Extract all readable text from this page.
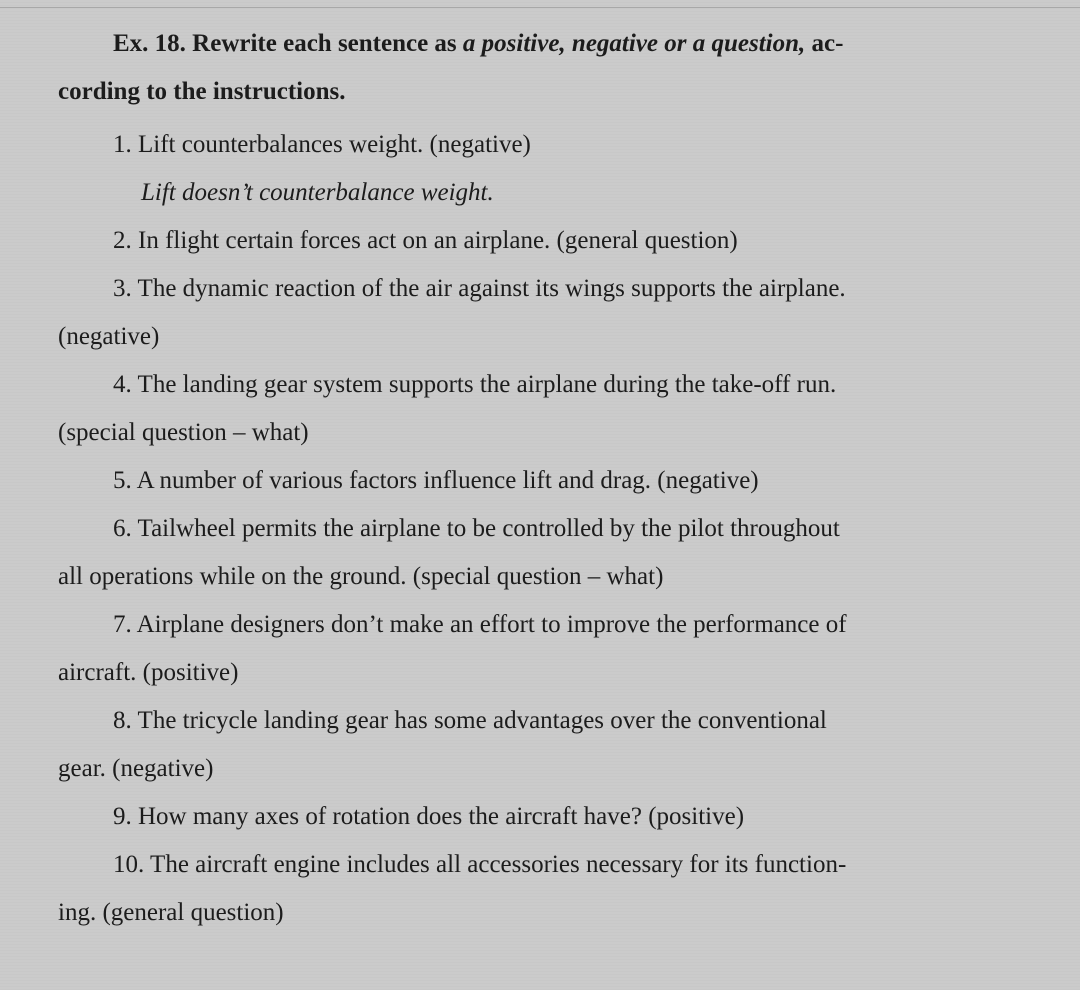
Ex. 18. Rewrite each sentence as a positive, negative or a question, ac-
cording to the instructions.
1. Lift counterbalances weight. (negative)
Lift doesn’t counterbalance weight.
2. In flight certain forces act on an airplane. (general question)
3. The dynamic reaction of the air against its wings supports the airplane.
(negative)
4. The landing gear system supports the airplane during the take-off run.
(special question – what)
5. A number of various factors influence lift and drag. (negative)
6. Tailwheel permits the airplane to be controlled by the pilot throughout
all operations while on the ground. (special question – what)
7. Airplane designers don’t make an effort to improve the performance of
aircraft. (positive)
8. The tricycle landing gear has some advantages over the conventional
gear. (negative)
9. How many axes of rotation does the aircraft have? (positive)
10. The aircraft engine includes all accessories necessary for its function-
ing. (general question)
